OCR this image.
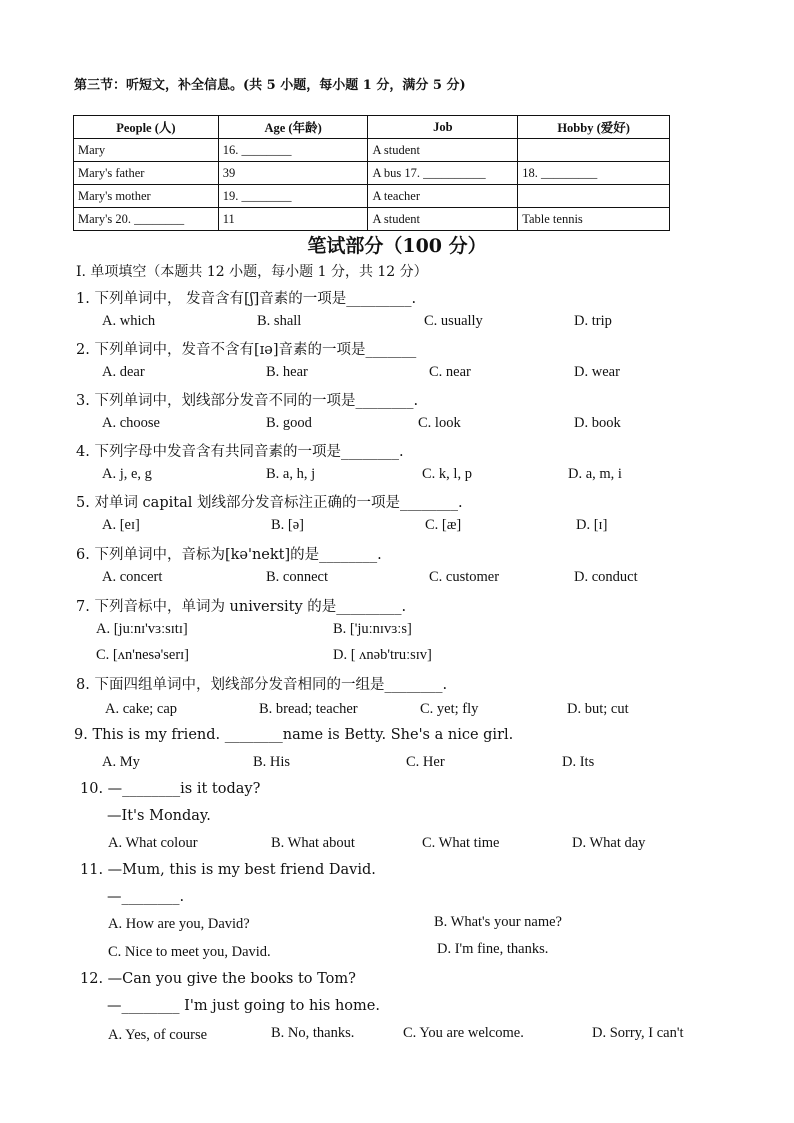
第三节：听短文，补全信息。(共 5 小题，每小题 1 分，满分 5 分)
People (人)	Age (年龄)	Job	Hobby (爱好)
Mary	16. ________	A student	
Mary's father	39	A bus 17. __________	18. _________
Mary's mother	19. ________	A teacher	
Mary's 20. ________	11	A student	Table tennis
笔试部分（100 分）
I. 单项填空（本题共 12 小题，每小题 1 分，共 12 分）
1. 下列单词中， 发音含有[ʃ]音素的一项是_________.
A. which	B. shall	C. usually	D. trip
2. 下列单词中，发音不含有[ɪə]音素的一项是_______
A. dear	B. hear	C. near	D. wear
3. 下列单词中，划线部分发音不同的一项是________.
A. choose	B. good	C. look	D. book
4. 下列字母中发音含有共同音素的一项是________.
A. j, e, g	B. a, h, j	C. k, l, p	D. a, m, i
5. 对单词 capital 划线部分发音标注正确的一项是________.
A. [eɪ]	B. [ə]	C. [æ]	D. [ɪ]
6. 下列单词中，音标为[kə'nekt]的是________.
A. concert	B. connect	C. customer	D. conduct
7. 下列音标中，单词为 university 的是_________.
A. [juːnɪ'vɜːsɪtɪ]	B. ['juːnɪvɜːs]
C. [ʌn'nesə'serɪ]	D. [ ʌnəb'truːsɪv]
8. 下面四组单词中，划线部分发音相同的一组是________.
A. cake; cap	B. bread; teacher	C. yet; fly	D. but; cut
9. This is my friend. ________name is Betty. She's a nice girl.
A. My	B. His	C. Her	D. Its
10. —________is it today?
—It's Monday.
A. What colour	B. What about	C. What time	D. What day
11. —Mum, this is my best friend David.
—________.
A. How are you, David?	B. What's your name?
C. Nice to meet you, David.	D. I'm fine, thanks.
12. —Can you give the books to Tom?
—________ I'm just going to his home.
A. Yes, of course	B. No, thanks.	C. You are welcome.	D. Sorry, I can't
